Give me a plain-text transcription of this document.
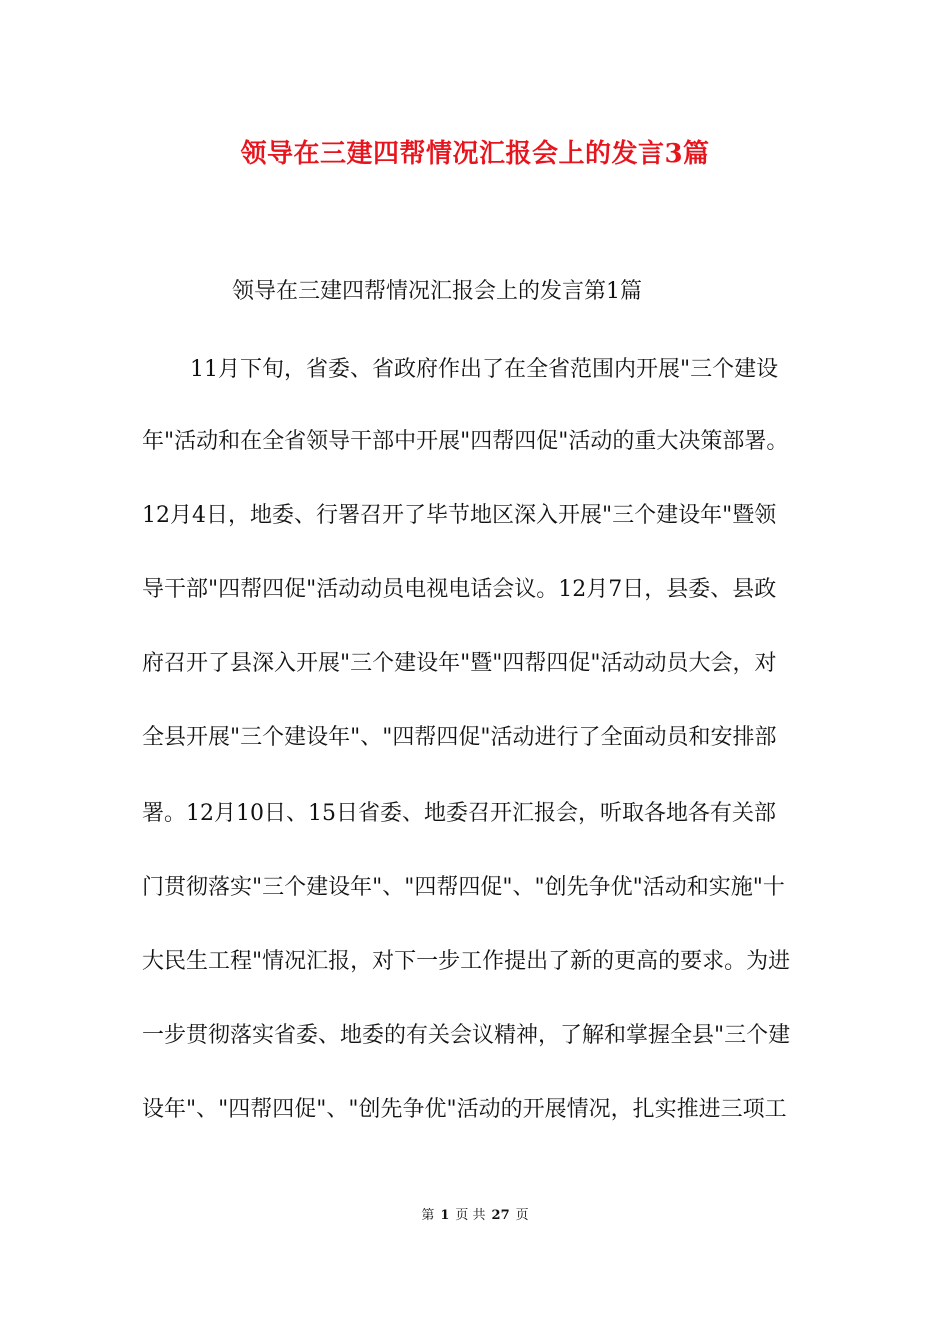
领导在三建四帮情况汇报会上的发言3篇
领导在三建四帮情况汇报会上的发言第1篇
11月下旬，省委、省政府作出了在全省范围内开展"三个建设
年"活动和在全省领导干部中开展"四帮四促"活动的重大决策部署。
12月4日，地委、行署召开了毕节地区深入开展"三个建设年"暨领
导干部"四帮四促"活动动员电视电话会议。12月7日，县委、县政
府召开了县深入开展"三个建设年"暨"四帮四促"活动动员大会，对
全县开展"三个建设年"、"四帮四促"活动进行了全面动员和安排部
署。12月10日、15日省委、地委召开汇报会，听取各地各有关部
门贯彻落实"三个建设年"、"四帮四促"、"创先争优"活动和实施"十
大民生工程"情况汇报，对下一步工作提出了新的更高的要求。为进
一步贯彻落实省委、地委的有关会议精神，了解和掌握全县"三个建
设年"、"四帮四促"、"创先争优"活动的开展情况，扎实推进三项工
第 1 页 共 27 页
